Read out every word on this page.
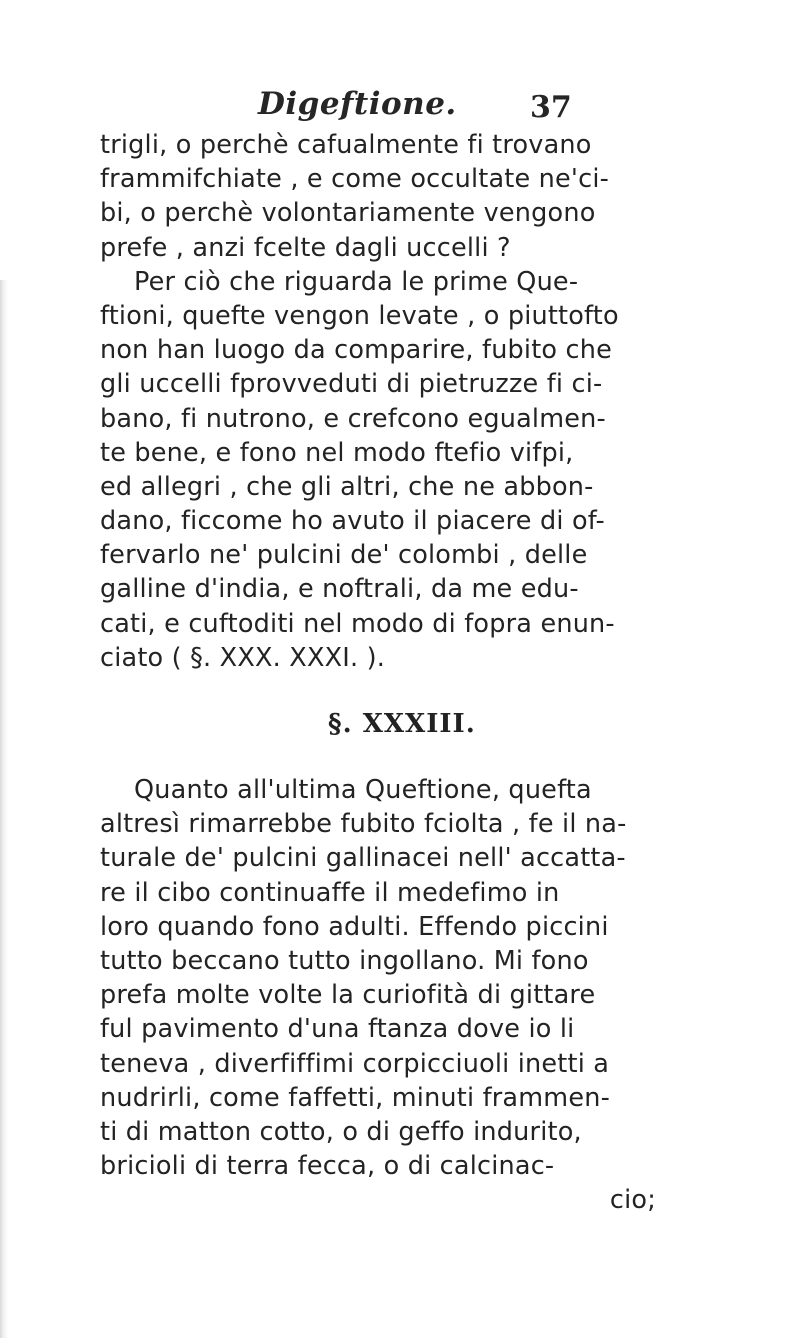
Digeftione. 37
trigli, o perchè cafualmente fi trovano
frammifchiate , e come occultate ne'ci-
bi, o perchè volontariamente vengono
prefe , anzi fcelte dagli uccelli ?
Per ciò che riguarda le prime Que-
ftioni, quefte vengon levate , o piuttofto
non han luogo da comparire, fubito che
gli uccelli fprovveduti di pietruzze fi ci-
bano, fi nutrono, e crefcono egualmen-
te bene, e fono nel modo ftefio vifpi,
ed allegri , che gli altri, che ne abbon-
dano, ficcome ho avuto il piacere di of-
fervarlo ne' pulcini de' colombi , delle
galline d'india, e noftrali, da me edu-
cati, e cuftoditi nel modo di fopra enun-
ciato ( §. XXX. XXXI. ).
§. XXXIII.
Quanto all'ultima Queftione, quefta
altresì rimarrebbe fubito fciolta , fe il na-
turale de' pulcini gallinacei nell' accatta-
re il cibo continuaffe il medefimo in
loro quando fono adulti. Effendo piccini
tutto beccano tutto ingollano. Mi fono
prefa molte volte la curiofità di gittare
ful pavimento d'una ftanza dove io li
teneva , diverfiffimi corpicciuoli inetti a
nudrirli, come faffetti, minuti frammen-
ti di matton cotto, o di geffo indurito,
bricioli di terra fecca, o di calcinac-
cio;
